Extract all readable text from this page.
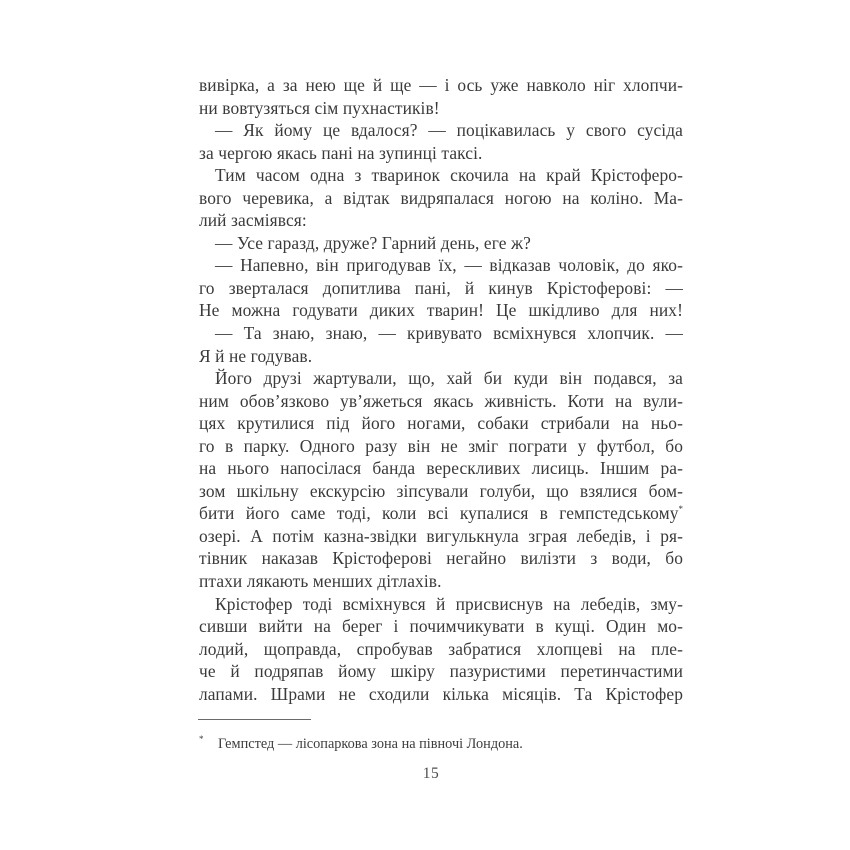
вивірка, а за нею ще й ще — і ось уже навколо ніг хлопчи-
ни вовтузяться сім пухнастиків!
— Як йому це вдалося? — поцікавилась у свого сусіда
за чергою якась пані на зупинці таксі.
Тим часом одна з тваринок скочила на край Крістоферо-
вого черевика, а відтак видряпалася ногою на коліно. Ма-
лий засміявся:
— Усе гаразд, друже? Гарний день, еге ж?
— Напевно, він пригодував їх, — відказав чоловік, до яко-
го зверталася допитлива пані, й кинув Крістоферові: —
Не можна годувати диких тварин! Це шкідливо для них!
— Та знаю, знаю, — кривувато всміхнувся хлопчик. —
Я й не годував.
Його друзі жартували, що, хай би куди він подався, за
ним обов’язково ув’яжеться якась живність. Коти на вули-
цях крутилися під його ногами, собаки стрибали на ньо-
го в парку. Одного разу він не зміг пограти у футбол, бо
на нього напосілася банда верескливих лисиць. Іншим ра-
зом шкільну екскурсію зіпсували голуби, що взялися бом-
бити його саме тоді, коли всі купалися в гемпстедському*
озері. А потім казна-звідки вигулькнула зграя лебедів, і ря-
тівник наказав Крістоферові негайно вилізти з води, бо
птахи лякають менших дітлахів.
Крістофер тоді всміхнувся й присвиснув на лебедів, зму-
сивши вийти на берег і почимчикувати в кущі. Один мо-
лодий, щоправда, спробував забратися хлопцеві на пле-
че й подряпав йому шкіру пазуристими перетинчастими
лапами. Шрами не сходили кілька місяців. Та Крістофер
* Гемпстед — лісопаркова зона на півночі Лондона.
15
